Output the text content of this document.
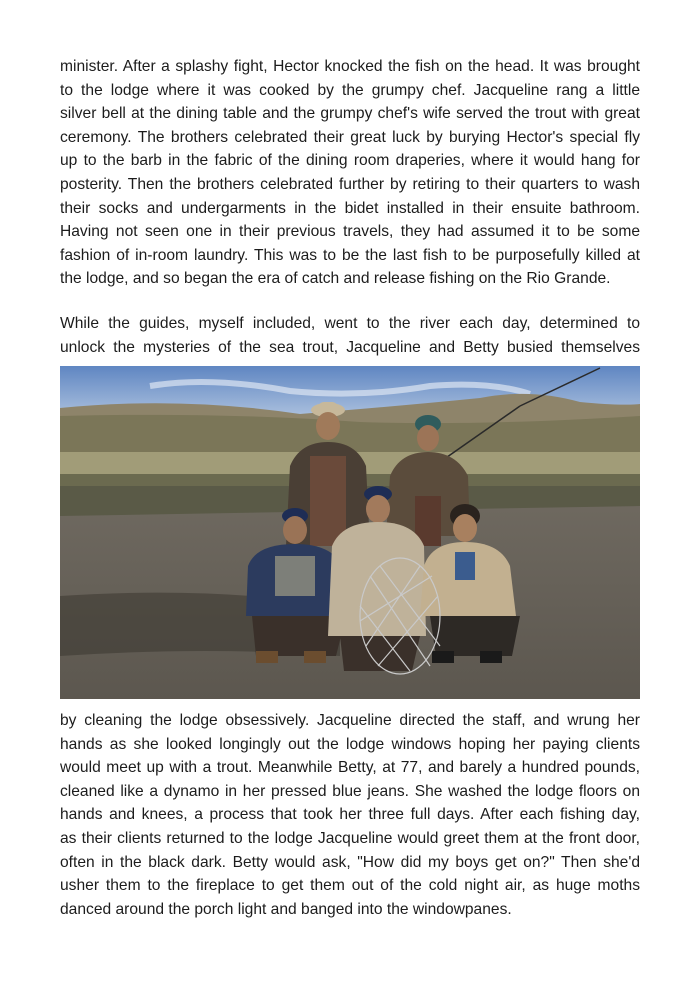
minister. After a splashy fight, Hector knocked the fish on the head. It was brought
to the lodge where it was cooked by the grumpy chef. Jacqueline rang a little
silver bell at the dining table and the grumpy chef's wife served the trout with great
ceremony. The brothers celebrated their great luck by burying Hector's special fly
up to the barb in the fabric of the dining room draperies, where it would hang for
posterity. Then the brothers celebrated further by retiring to their quarters to wash
their socks and undergarments in the bidet installed in their ensuite bathroom.
Having not seen one in their previous travels, they had assumed it to be some
fashion of in-room laundry. This was to be the last fish to be purposefully killed at
the lodge, and so began the era of catch and release fishing on the Rio Grande.

While the guides, myself included, went to the river each day, determined to
unlock the mysteries of the sea trout, Jacqueline and Betty busied themselves

by cleaning the lodge obsessively. Jacqueline directed the staff, and wrung her
hands as she looked longingly out the lodge windows hoping her paying clients
would meet up with a trout. Meanwhile Betty, at 77, and barely a hundred pounds,
cleaned like a dynamo in her pressed blue jeans. She washed the lodge floors on
hands and knees, a process that took her three full days. After each fishing day,
as their clients returned to the lodge Jacqueline would greet them at the front door,
often in the black dark. Betty would ask, "How did my boys get on?" Then she'd
usher them to the fireplace to get them out of the cold night air, as huge moths
danced around the porch light and banged into the windowpanes.
